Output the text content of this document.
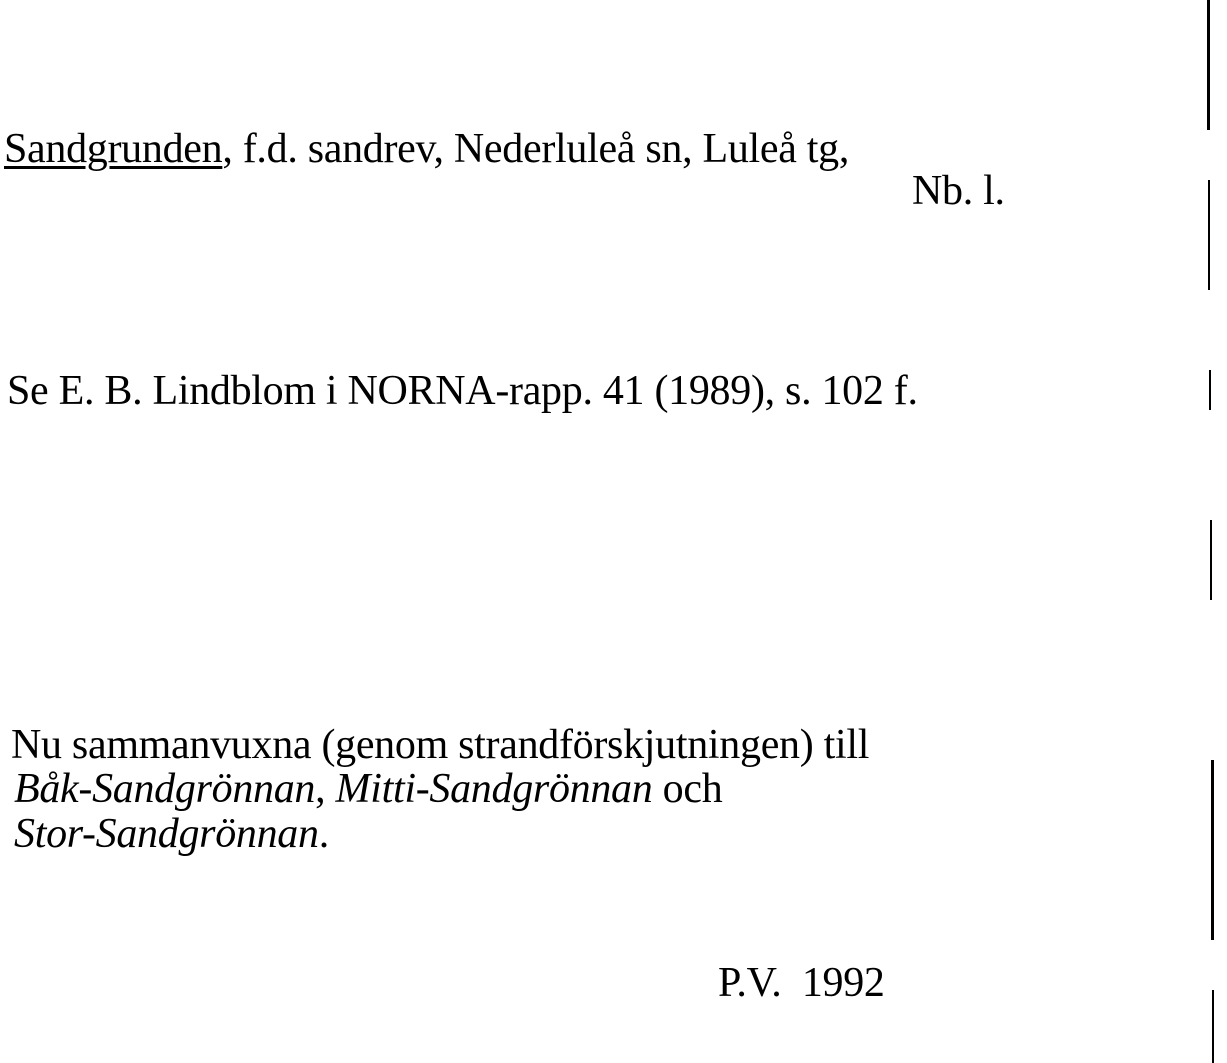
Sandgrunden, f.d. sandrev, Nederluleå sn, Luleå tg,
Nb. l.
Se E. B. Lindblom i NORNA-rapp. 41 (1989), s. 102 f.
Nu sammanvuxna (genom strandförskjutningen) till
Båk-Sandgrönnan, Mitti-Sandgrönnan och
Stor-Sandgrönnan.
P.V.  1992
